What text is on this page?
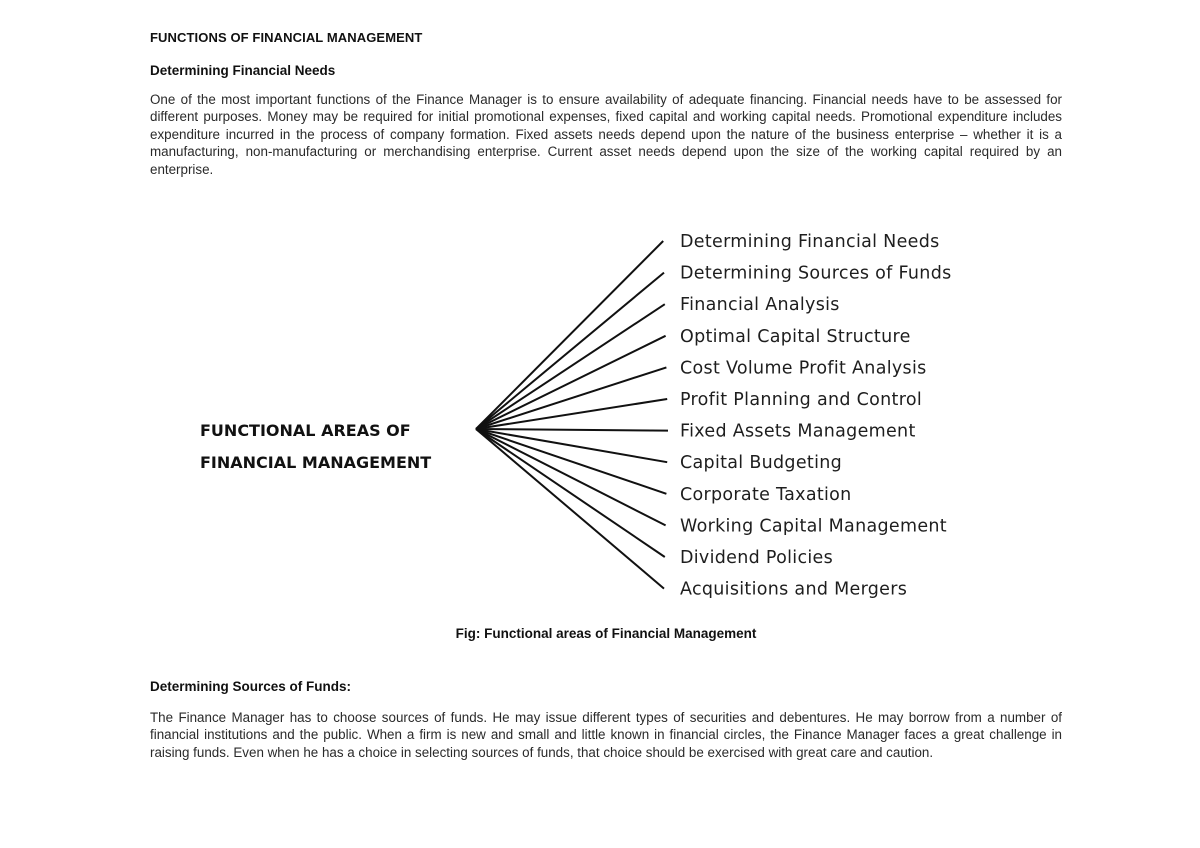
FUNCTIONS OF FINANCIAL MANAGEMENT
Determining Financial Needs

One of the most important functions of the Finance Manager is to ensure availability of adequate financing. Financial needs have to be assessed for different purposes. Money may be required for initial promotional expenses, fixed capital and working capital needs. Promotional expenditure includes expenditure incurred in the process of company formation. Fixed assets needs depend upon the nature of the business enterprise – whether it is a manufacturing, non-manufacturing or merchandising enterprise. Current asset needs depend upon the size of the working capital required by an enterprise.

Determining Financial Needs
Determining Sources of Funds
Financial Analysis
Optimal Capital Structure
Cost Volume Profit Analysis
Profit Planning and Control
Fixed Assets Management
Capital Budgeting
Corporate Taxation
Working Capital Management
Dividend Policies
Acquisitions and Mergers
FUNCTIONAL AREAS OF
FINANCIAL MANAGEMENT
Fig: Functional areas of Financial Management
Determining Sources of Funds:

The Finance Manager has to choose sources of funds. He may issue different types of securities and debentures. He may borrow from a number of financial institutions and the public. When a firm is new and small and little known in financial circles, the Finance Manager faces a great challenge in raising funds. Even when he has a choice in selecting sources of funds, that choice should be exercised with great care and caution.
